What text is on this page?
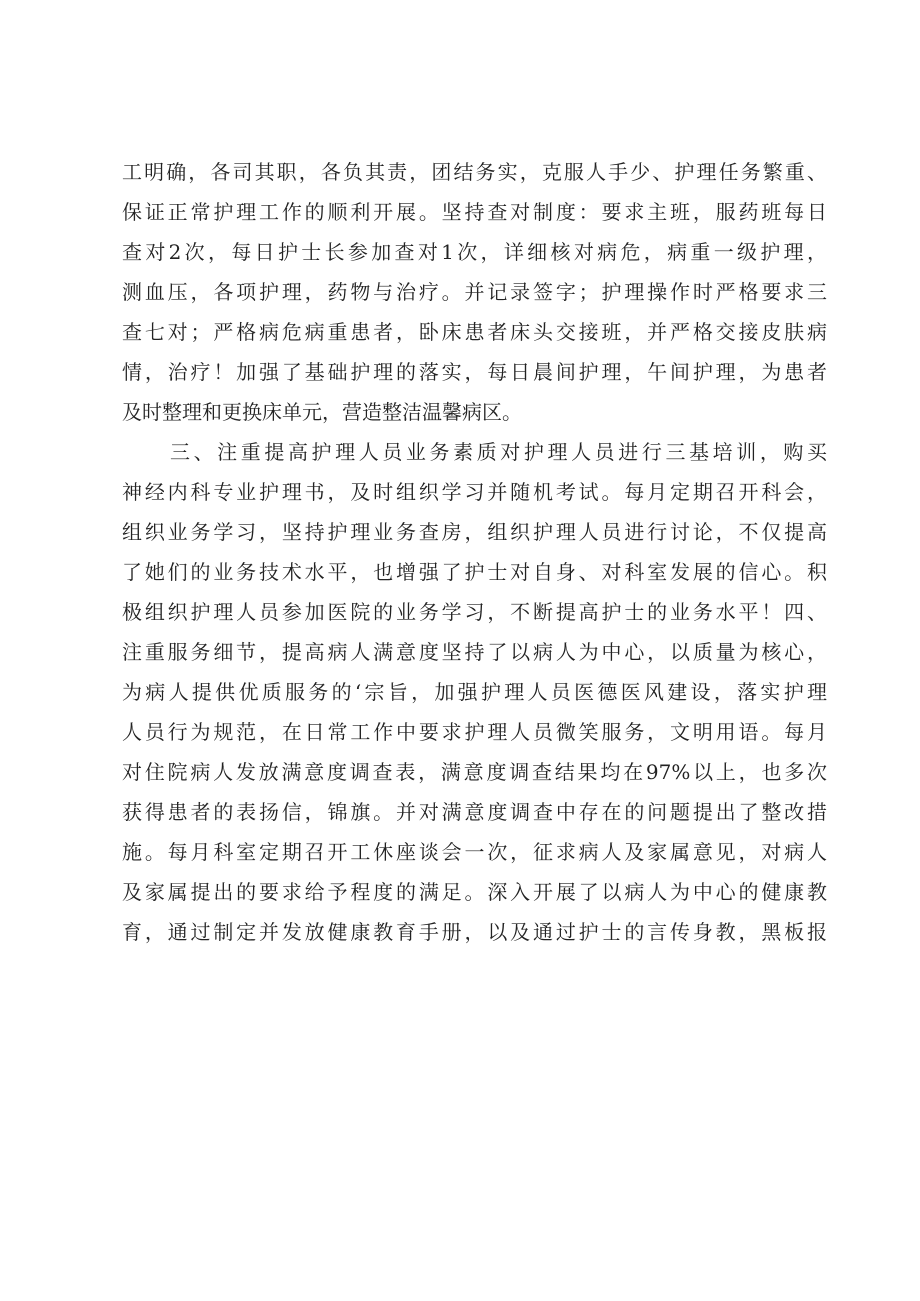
工明确，各司其职，各负其责，团结务实，克服人手少、护理任务繁重、
保证正常护理工作的顺利开展。坚持查对制度：要求主班，服药班每日
查对2次，每日护士长参加查对1次，详细核对病危，病重一级护理，
测血压，各项护理，药物与治疗。并记录签字；护理操作时严格要求三
查七对；严格病危病重患者，卧床患者床头交接班，并严格交接皮肤病
情，治疗！加强了基础护理的落实，每日晨间护理，午间护理，为患者
及时整理和更换床单元，营造整洁温馨病区。
三、注重提高护理人员业务素质对护理人员进行三基培训，购买
神经内科专业护理书，及时组织学习并随机考试。每月定期召开科会，
组织业务学习，坚持护理业务查房，组织护理人员进行讨论，不仅提高
了她们的业务技术水平，也增强了护士对自身、对科室发展的信心。积
极组织护理人员参加医院的业务学习，不断提高护士的业务水平！四、
注重服务细节，提高病人满意度坚持了以病人为中心，以质量为核心，
为病人提供优质服务的‘宗旨，加强护理人员医德医风建设，落实护理
人员行为规范，在日常工作中要求护理人员微笑服务，文明用语。每月
对住院病人发放满意度调查表，满意度调查结果均在97%以上，也多次
获得患者的表扬信，锦旗。并对满意度调查中存在的问题提出了整改措
施。每月科室定期召开工休座谈会一次，征求病人及家属意见，对病人
及家属提出的要求给予程度的满足。深入开展了以病人为中心的健康教
育，通过制定并发放健康教育手册，以及通过护士的言传身教，黑板报
